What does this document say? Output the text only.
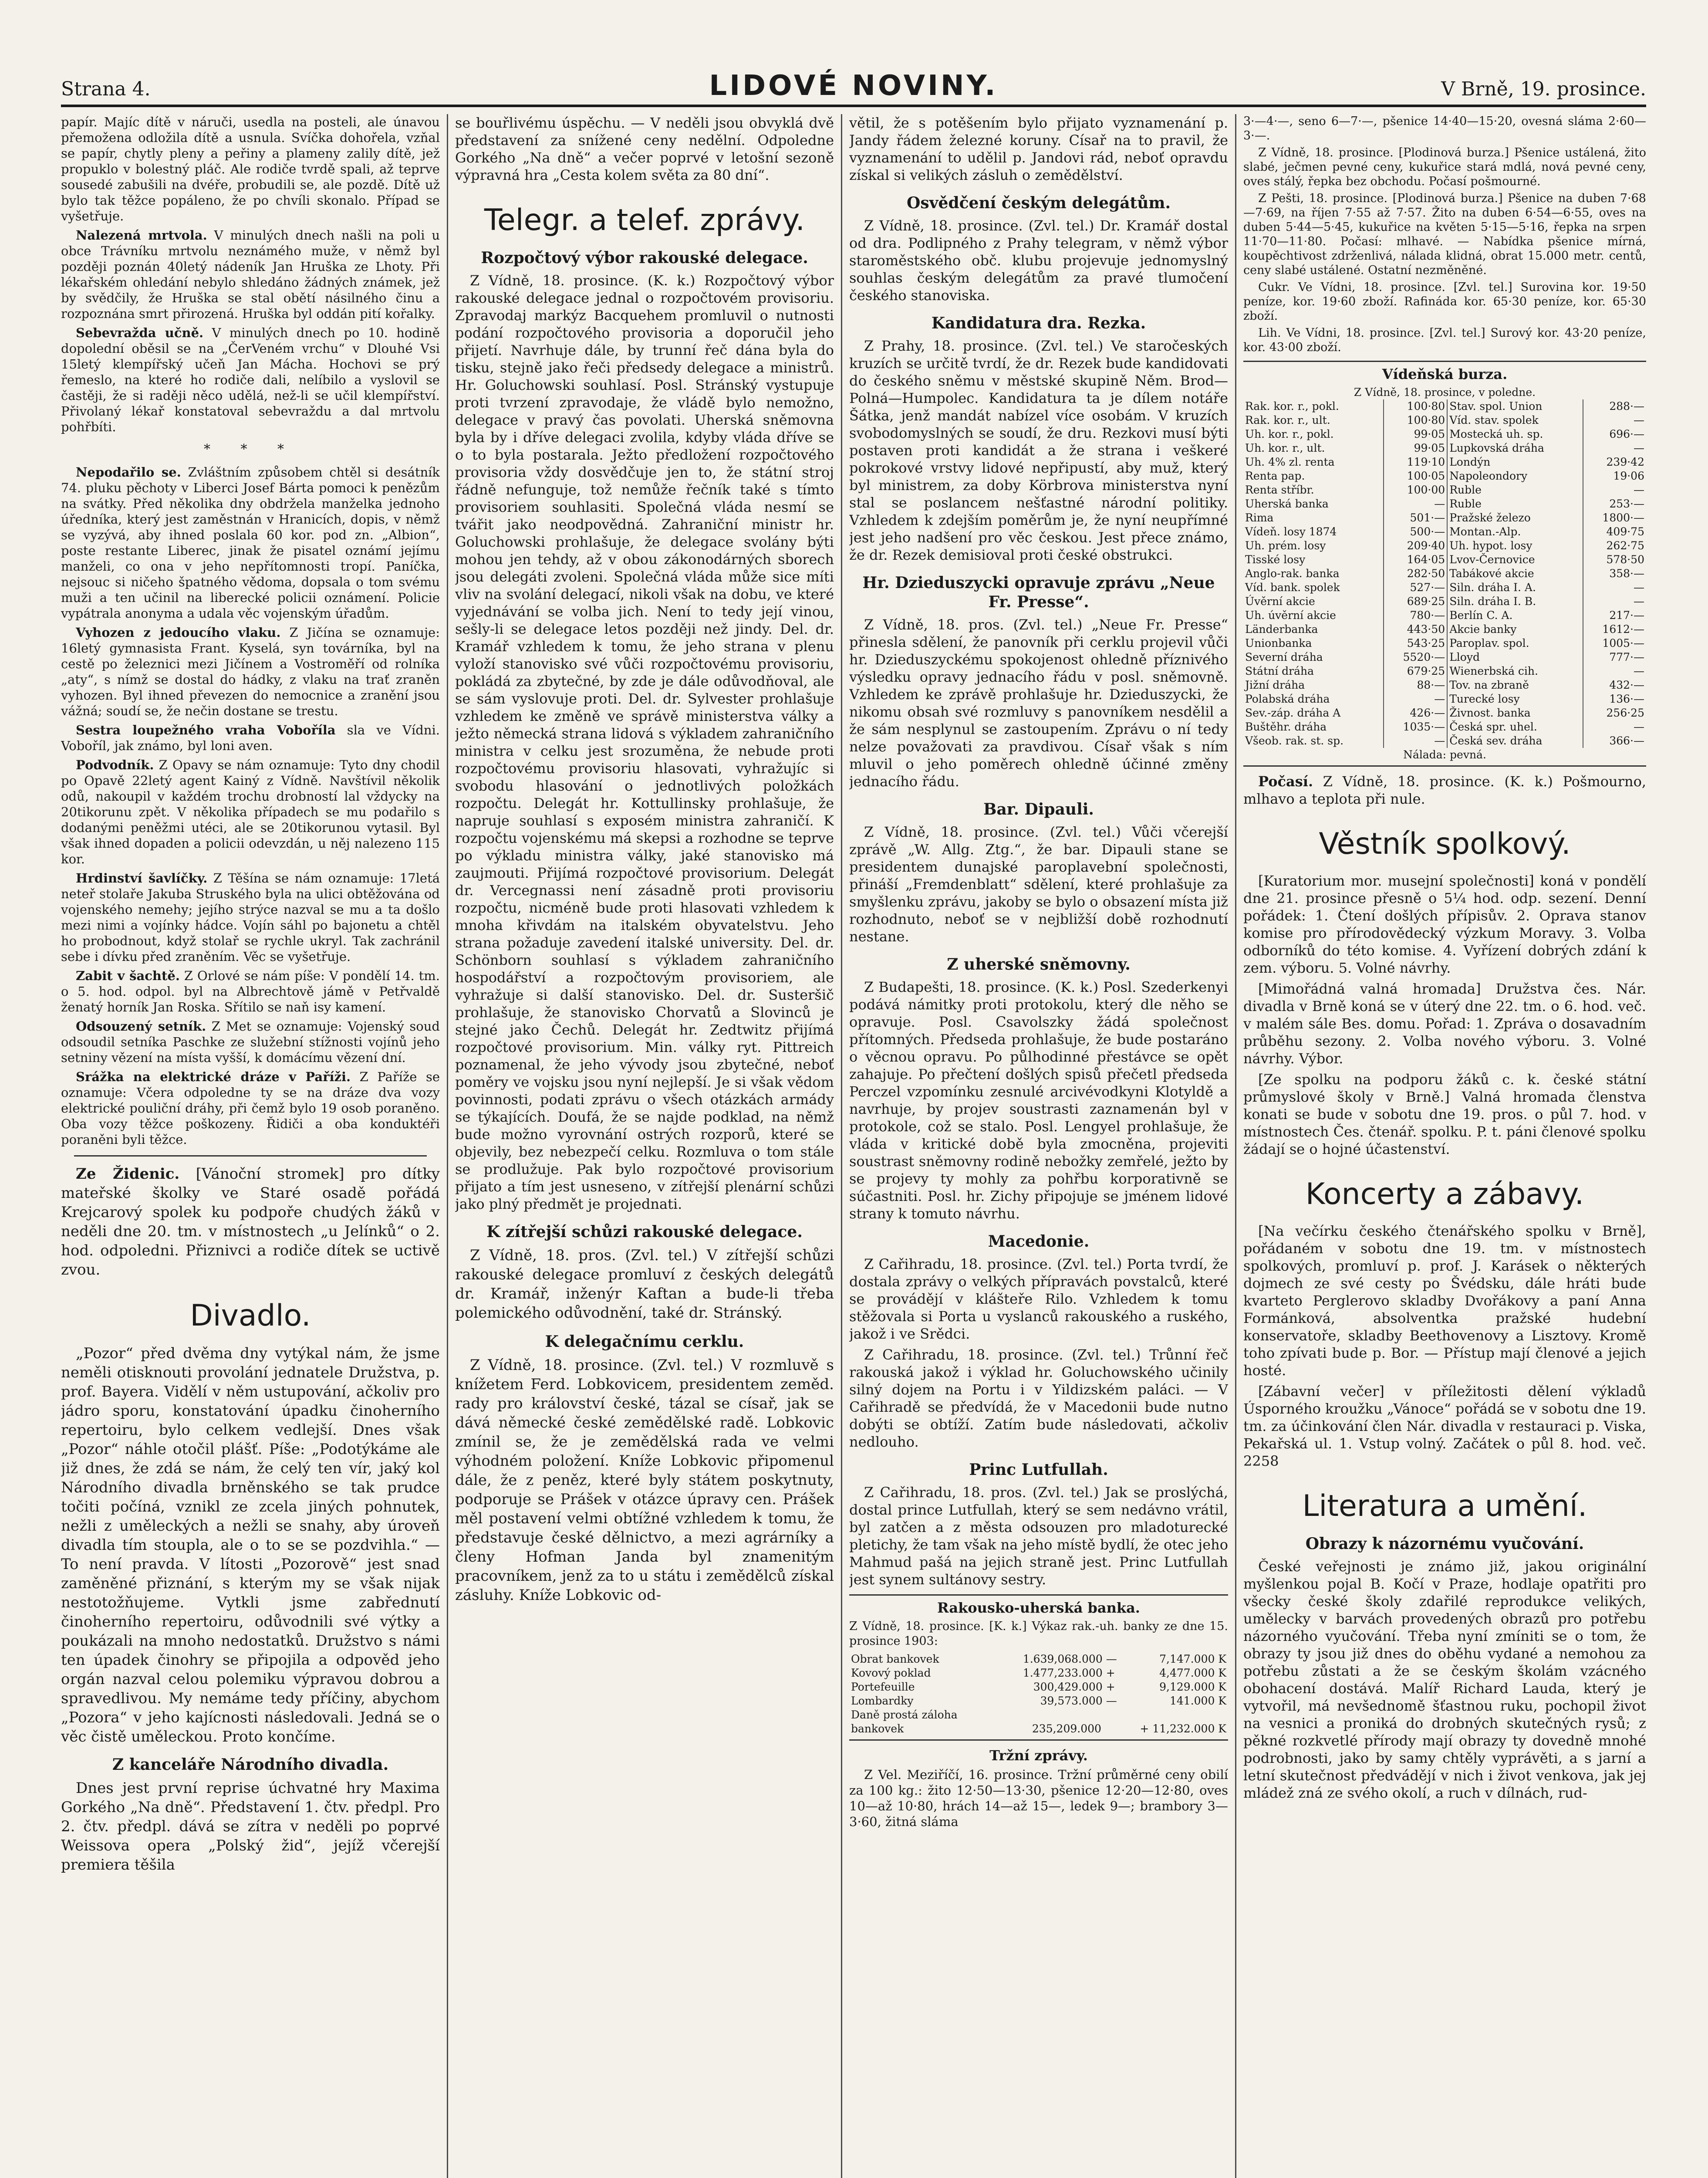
Strana 4.	LIDOVÉ NOVINY.	V Brně, 19. prosince.

papír. Majíc dítě v náruči, usedla na posteli, ale únavou přemožena odložila dítě a usnula. Svíčka dohořela, vzňal se papír, chytly pleny a peřiny a plameny zalily dítě, jež propuklo v bolestný pláč. Ale rodiče tvrdě spali, až teprve sousedé zabušili na dvéře, probudili se, ale pozdě. Dítě už bylo tak těžce popáleno, že po chvíli skonalo. Případ se vyšetřuje.

Nalezená mrtvola. V minulých dnech našli na poli u obce Trávníku mrtvolu neznámého muže, v němž byl později poznán 40letý nádeník Jan Hruška ze Lhoty. Při lékařském ohledání nebylo shledáno žádných známek, jež by svědčily, že Hruška se stal obětí násilného činu a rozpoznána smrt přirozená. Hruška byl oddán pití kořalky.

Sebevražda učně. V minulých dnech po 10. hodině dopolední oběsil se na „ČerVeném vrchu“ v Dlouhé Vsi 15letý klempířský učeň Jan Mácha. Hochovi se prý řemeslo, na které ho rodiče dali, nelíbilo a vyslovil se častěji, že si raději něco udělá, než-li se učil klempířství. Přivolaný lékař konstatoval sebevraždu a dal mrtvolu pohřbíti.

* * *

Nepodařilo se. Zvláštním způsobem chtěl si desátník 74. pluku pěchoty v Liberci Josef Bárta pomoci k penězům na svátky. Před několika dny obdržela manželka jednoho úředníka, který jest zaměstnán v Hranicích, dopis, v němž se vyzývá, aby ihned poslala 60 kor. pod zn. „Albion“, poste restante Liberec, jinak že pisatel oznámí jejímu manželi, co ona v jeho nepřítomnosti tropí. Paníčka, nejsouc si ničeho špatného vědoma, dopsala o tom svému muži a ten učinil na liberecké policii oznámení. Policie vypátrala anonyma a udala věc vojenským úřadům.

Vyhozen z jedoucího vlaku. Z Jičína se oznamuje: 16letý gymnasista Frant. Kyselá, syn továrníka, byl na cestě po železnici mezi Jičínem a Vostroměří od rolníka „aty“, s nímž se dostal do hádky, z vlaku na trať zraněn vyhozen. Byl ihned převezen do nemocnice a zranění jsou vážná; soudí se, že nečin dostane se trestu.

Sestra loupežného vraha Voboříla sla ve Vídni. Voboříl, jak známo, byl loni aven.

Podvodník. Z Opavy se nám oznamuje: Tyto dny chodil po Opavě 22letý agent Kainý z Vídně. Navštívil několik odů, nakoupil v každém trochu drobností lal vždycky na 20tikorunu zpět. V několika případech se mu podařilo s dodanými peněžmi utéci, ale se 20tikorunou vytasil. Byl však ihned dopaden a policii odevzdán, u něj nalezeno 115 kor.

Hrdinství šavlíčky. Z Těšína se nám oznamuje: 17letá neteř stolaře Jakuba Struského byla na ulici obtěžována od vojenského nemehy; jejího strýce nazval se mu a ta došlo mezi nimi a vojínky hádce. Vojín sáhl po bajonetu a chtěl ho probodnout, když stolař se rychle ukryl. Tak zachránil sebe i dívku před zraněním. Věc se vyšetřuje.

Zabit v šachtě. Z Orlové se nám píše: V pondělí 14. tm. o 5. hod. odpol. byl na Albrechtově jámě v Petřvaldě ženatý horník Jan Roska. Sřítilo se naň isy kamení.

Odsouzený setník. Z Met se oznamuje: Vojenský soud odsoudil setníka Paschke ze služební stížnosti vojínů jeho setniny vězení na místa vyšší, k domácímu vězení dní.

Srážka na elektrické dráze v Paříži. Z Paříže se oznamuje: Včera odpoledne ty se na dráze dva vozy elektrické pouliční dráhy, při čemž bylo 19 osob poraněno. Oba vozy těžce poškozeny. Řidiči a oba konduktéři poraněni byli těžce.

Ze Židenic. [Vánoční stromek] pro dítky mateřské školky ve Staré osadě pořádá Krejcarový spolek ku podpoře chudých žáků v neděli dne 20. tm. v místnostech „u Jelínků“ o 2. hod. odpoledni. Přiznivci a rodiče dítek se uctivě zvou.

Divadlo.

„Pozor“ před dvěma dny vytýkal nám, že jsme neměli otisknouti provolání jednatele Družstva, p. prof. Bayera. Vidělí v něm ustupování, ačkoliv pro jádro sporu, konstatování úpadku činoherního repertoiru, bylo celkem vedlejší. Dnes však „Pozor“ náhle otočil plášť. Píše: „Podotýkáme ale již dnes, že zdá se nám, že celý ten vír, jaký kol Národního divadla brněnského se tak prudce točiti počíná, vznikl ze zcela jiných pohnutek, nežli z uměleckých a nežli se snahy, aby úroveň divadla tím stoupla, ale o to se se pozdvihla.“ — To není pravda. V lítosti „Pozorově“ jest snad zaměněné přiznání, s kterým my se však nijak nestotožňujeme. Vytkli jsme zabřednutí činoherního repertoiru, odůvodnili své výtky a poukázali na mnoho nedostatků. Družstvo s námi ten úpadek činohry se připojila a odpověd jeho orgán nazval celou polemiku výpravou dobrou a spravedlivou. My nemáme tedy příčiny, abychom „Pozora“ v jeho kajícnosti následovali. Jedná se o věc čistě uměleckou. Proto končíme.

Z kanceláře Národního divadla.

Dnes jest první reprise úchvatné hry Maxima Gorkého „Na dně“. Představení 1. čtv. předpl. Pro 2. čtv. předpl. dává se zítra v neděli po poprvé Weissova opera „Polský žid“, jejíž včerejší premiera těšila

se bouřlivému úspěchu. — V neděli jsou obvyklá dvě představení za snížené ceny nedělní. Odpoledne Gorkého „Na dně“ a večer poprvé v letošní sezoně výpravná hra „Cesta kolem světa za 80 dní“.

Telegr. a telef. zprávy.
Rozpočtový výbor rakouské delegace.

Z Vídně, 18. prosince. (K. k.) Rozpočtový výbor rakouské delegace jednal o rozpočtovém provisoriu. Zpravodaj markýz Bacquehem promluvil o nutnosti podání rozpočtového provisoria a doporučil jeho přijetí. Navrhuje dále, by trunní řeč dána byla do tisku, stejně jako řeči předsedy delegace a ministrů. Hr. Goluchowski souhlasí. Posl. Stránský vystupuje proti tvrzení zpravodaje, že vládě bylo nemožno, delegace v pravý čas povolati. Uherská sněmovna byla by i dříve delegaci zvolila, kdyby vláda dříve se o to byla postarala. Ježto předložení rozpočtového provisoria vždy dosvědčuje jen to, že státní stroj řádně nefunguje, tož nemůže řečník také s tímto provisoriem souhlasiti. Společná vláda nesmí se tvářit jako neodpovědná. Zahraniční ministr hr. Goluchowski prohlašuje, že delegace svolány býti mohou jen tehdy, až v obou zákonodárných sborech jsou delegáti zvoleni. Společná vláda může sice míti vliv na svolání delegací, nikoli však na dobu, ve které vyjednávání se volba jich. Není to tedy její vinou, sešly-li se delegace letos později než jindy. Del. dr. Kramář vzhledem k tomu, že jeho strana v plenu vyloží stanovisko své vůči rozpočtovému provisoriu, pokládá za zbytečné, by zde je dále odůvodňoval, ale se sám vyslovuje proti. Del. dr. Sylvester prohlašuje vzhledem ke změně ve správě ministerstva války a ježto německá strana lidová s výkladem zahraničního ministra v celku jest srozuměna, že nebude proti rozpočtovému provisoriu hlasovati, vyhražujíc si svobodu hlasování o jednotlivých položkách rozpočtu. Delegát hr. Kottullinsky prohlašuje, že napruje souhlasí s exposém ministra zahraničí. K rozpočtu vojenskému má skepsi a rozhodne se teprve po výkladu ministra války, jaké stanovisko má zaujmouti. Přijímá rozpočtové provisorium. Delegát dr. Vercegnassi není zásadně proti provisoriu rozpočtu, nicméně bude proti hlasovati vzhledem k mnoha křivdám na italském obyvatelstvu. Jeho strana požaduje zavedení italské university. Del. dr. Schönborn souhlasí s výkladem zahraničního hospodářství a rozpočtovým provisoriem, ale vyhražuje si další stanovisko. Del. dr. Susteršič prohlašuje, že stanovisko Chorvatů a Slovinců je stejné jako Čechů. Delegát hr. Zedtwitz přijímá rozpočtové provisorium. Min. války ryt. Pittreich poznamenal, že jeho vývody jsou zbytečné, neboť poměry ve vojsku jsou nyní nejlepší. Je si však vědom povinnosti, podati zprávu o všech otázkách armády se týkajících. Doufá, že se najde podklad, na němž bude možno vyrovnání ostrých rozporů, které se objevily, bez nebezpečí celku. Rozmluva o tom stále se prodlužuje. Pak bylo rozpočtové provisorium přijato a tím jest usneseno, v zítřejší plenární schůzi jako plný předmět je projednati.

K zítřejší schůzi rakouské delegace.

Z Vídně, 18. pros. (Zvl. tel.) V zítřejší schůzi rakouské delegace promluví z českých delegátů dr. Kramář, inženýr Kaftan a bude-li třeba polemického odůvodnění, také dr. Stránský.

K delegačnímu cerklu.

Z Vídně, 18. prosince. (Zvl. tel.) V rozmluvě s knížetem Ferd. Lobkovicem, presidentem zeměd. rady pro království české, tázal se císař, jak se dává německé české zemědělské radě. Lobkovic zmínil se, že je zemědělská rada ve velmi výhodném položení. Kníže Lobkovic připomenul dále, že z peněz, které byly státem poskytnuty, podporuje se Prášek v otázce úpravy cen. Prášek měl postavení velmi obtížné vzhledem k tomu, že představuje české dělnictvo, a mezi agrárníky a členy Hofman Janda byl znamenitým pracovníkem, jenž za to u státu i zemědělců získal zásluhy. Kníže Lobkovic od-

větil, že s potěšením bylo přijato vyznamenání p. Jandy řádem železné koruny. Císař na to pravil, že vyznamenání to udělil p. Jandovi rád, neboť opravdu získal si velikých zásluh o zemědělství.

Osvědčení českým delegátům.

Z Vídně, 18. prosince. (Zvl. tel.) Dr. Kramář dostal od dra. Podlipného z Prahy telegram, v němž výbor staroměstského obč. klubu projevuje jednomyslný souhlas českým delegátům za pravé tlumočení českého stanoviska.

Kandidatura dra. Rezka.

Z Prahy, 18. prosince. (Zvl. tel.) Ve staročeských kruzích se určitě tvrdí, že dr. Rezek bude kandidovati do českého sněmu v městské skupině Něm. Brod—Polná—Humpolec. Kandidatura ta je dílem notáře Šátka, jenž mandát nabízel více osobám. V kruzích svobodomyslných se soudí, že dru. Rezkovi musí býti postaven proti kandidát a že strana i veškeré pokrokové vrstvy lidové nepřipustí, aby muž, který byl ministrem, za doby Körbrova ministerstva nyní stal se poslancem nešťastné národní politiky. Vzhledem k zdejším poměrům je, že nyní neupřímné jest jeho nadšení pro věc českou. Jest přece známo, že dr. Rezek demisioval proti české obstrukci.

Hr. Dzieduszycki opravuje zprávu „Neue Fr. Presse“.

Z Vídně, 18. pros. (Zvl. tel.) „Neue Fr. Presse“ přinesla sdělení, že panovník při cerklu projevil vůči hr. Dzieduszyckému spokojenost ohledně příznivého výsledku opravy jednacího řádu v posl. sněmovně. Vzhledem ke zprávě prohlašuje hr. Dzieduszycki, že nikomu obsah své rozmluvy s panovníkem nesdělil a že sám nesplynul se zastoupením. Zprávu o ní tedy nelze považovati za pravdivou. Císař však s ním mluvil o jeho poměrech ohledně účinné změny jednacího řádu.

Bar. Dipauli.

Z Vídně, 18. prosince. (Zvl. tel.) Vůči včerejší zprávě „W. Allg. Ztg.“, že bar. Dipauli stane se presidentem dunajské paroplavební společnosti, přináší „Fremdenblatt“ sdělení, které prohlašuje za smyšlenku zprávu, jakoby se bylo o obsazení místa již rozhodnuto, neboť se v nejbližší době rozhodnutí nestane.

Z uherské sněmovny.

Z Budapešti, 18. prosince. (K. k.) Posl. Szederkenyi podává námitky proti protokolu, který dle něho se opravuje. Posl. Csavolszky žádá společnost přítomných. Předseda prohlašuje, že bude postaráno o věcnou opravu. Po půlhodinné přestávce se opět zahajuje. Po přečtení došlých spisů přečetl předseda Perczel vzpomínku zesnulé arcivévodkyni Klotyldě a navrhuje, by projev soustrasti zaznamenán byl v protokole, což se stalo. Posl. Lengyel prohlašuje, že vláda v kritické době byla zmocněna, projeviti soustrast sněmovny rodině nebožky zemřelé, ježto by se projevy ty mohly za pohřbu korporativně se súčastniti. Posl. hr. Zichy připojuje se jménem lidové strany k tomuto návrhu.

Macedonie.

Z Cařihradu, 18. prosince. (Zvl. tel.) Porta tvrdí, že dostala zprávy o velkých přípravách povstalců, které se provádějí v klášteře Rilo. Vzhledem k tomu stěžovala si Porta u vyslanců rakouského a ruského, jakož i ve Srědci.

Z Cařihradu, 18. prosince. (Zvl. tel.) Trůnní řeč rakouská jakož i výklad hr. Goluchowského učinily silný dojem na Portu i v Yildizském paláci. — V Cařihradě se předvídá, že v Macedonii bude nutno dobýti se obtíží. Zatím bude následovati, ačkoliv nedlouho.

Princ Lutfullah.

Z Cařihradu, 18. pros. (Zvl. tel.) Jak se proslýchá, dostal prince Lutfullah, který se sem nedávno vrátil, byl zatčen a z města odsouzen pro mladoturecké pletichy, že tam však na jeho místě bydlí, že otec jeho Mahmud pašá na jejich straně jest. Princ Lutfullah jest synem sultánovy sestry.

Rakousko-uherská banka.

Z Vídně, 18. prosince. [K. k.] Výkaz rak.-uh. banky ze dne 15. prosince 1903:

Obrat bankovek	1.639,068.000	—	7,147.000 K
Kovový poklad	1.477,233.000	+	4,477.000 K
Portefeuille	300,429.000	+	9,129.000 K
Lombardky	39,573.000	—	141.000 K
Daně prostá záloha
bankovek	235,209.000	+ 11,232.000 K
Tržní zprávy.

Z Vel. Meziříčí, 16. prosince. Tržní průměrné ceny obilí za 100 kg.: žito 12·50—13·30, pšenice 12·20—12·80, oves 10—až 10·80, hrách 14—až 15—, ledek 9—; brambory 3—3·60, žitná sláma

3·—4·—, seno 6—7·—, pšenice 14·40—15·20, ovesná sláma 2·60—3·—.

Z Vídně, 18. prosince. [Plodinová burza.] Pšenice ustálená, žito slabé, ječmen pevné ceny, kukuřice stará mdlá, nová pevné ceny, oves stálý, řepka bez obchodu. Počasí pošmourné.

Z Pešti, 18. prosince. [Plodinová burza.] Pšenice na duben 7·68—7·69, na říjen 7·55 až 7·57. Žito na duben 6·54—6·55, oves na duben 5·44—5·45, kukuřice na květen 5·15—5·16, řepka na srpen 11·70—11·80. Počasí: mlhavé. — Nabídka pšenice mírná, koupěchtivost zdrženlivá, nálada klidná, obrat 15.000 metr. centů, ceny slabé ustálené. Ostatní nezměněné.

Cukr. Ve Vídni, 18. prosince. [Zvl. tel.] Surovina kor. 19·50 peníze, kor. 19·60 zboží. Rafináda kor. 65·30 peníze, kor. 65·30 zboží.

Lih. Ve Vídni, 18. prosince. [Zvl. tel.] Surový kor. 43·20 peníze, kor. 43·00 zboží.

Vídeňská burza.
Z Vídně, 18. prosince, v poledne.
Rak. kor. r., pokl.	100·80	Stav. spol. Union	288·—
Rak. kor. r., ult.	100·80	Víd. stav. spolek	—
Uh. kor. r., pokl.	99·05	Mostecká uh. sp.	696·—
Uh. kor. r., ult.	99·05	Lupkovská dráha	—
Uh. 4% zl. renta	119·10	Londýn	239·42
Renta pap.	100·05	Napoleondory	19·06
Renta stříbr.	100·00	Ruble	—
Uherská banka	—	Ruble	253·—
Rima	501·—	Pražské železo	1800·—
Vídeň. losy 1874	500·—	Montan.-Alp.	409·75
Uh. prém. losy	209·40	Uh. hypot. losy	262·75
Tisské losy	164·05	Lvov-Černovice	578·50
Anglo-rak. banka	282·50	Tabákové akcie	358·—
Víd. bank. spolek	527·—	Siln. dráha I. A.	—
Úvěrní akcie	689·25	Siln. dráha I. B.	—
Uh. úvěrní akcie	780·—	Berlín C. A.	217·—
Länderbanka	443·50	Akcie banky	1612·—
Unionbanka	543·25	Paroplav. spol.	1005·—
Severní dráha	5520·—	Lloyd	777·—
Státní dráha	679·25	Wienerbská cih.	—
Jižní dráha	88·—	Tov. na zbraně	432·—
Polabská dráha	—	Turecké losy	136·—
Sev.-záp. dráha A	426·—	Živnost. banka	256·25
Buštěhr. dráha	1035·—	Česká spr. uhel.	—
Všeob. rak. st. sp.	—	Česká sev. dráha	366·—
Nálada: pevná.

Počasí. Z Vídně, 18. prosince. (K. k.) Pošmourno, mlhavo a teplota při nule.

Věstník spolkový.

[Kuratorium mor. musejní společnosti] koná v pondělí dne 21. prosince přesně o 5¼ hod. odp. sezení. Denní pořádek: 1. Čtení došlých přípisův. 2. Oprava stanov komise pro přírodovědecký výzkum Moravy. 3. Volba odborníků do této komise. 4. Vyřízení dobrých zdání k zem. výboru. 5. Volné návrhy.

[Mimořádná valná hromada] Družstva čes. Nár. divadla v Brně koná se v úterý dne 22. tm. o 6. hod. več. v malém sále Bes. domu. Pořad: 1. Zpráva o dosavadním průběhu sezony. 2. Volba nového výboru. 3. Volné návrhy. Výbor.

[Ze spolku na podporu žáků c. k. české státní průmyslové školy v Brně.] Valná hromada členstva konati se bude v sobotu dne 19. pros. o půl 7. hod. v místnostech Čes. čtenář. spolku. P. t. páni členové spolku žádají se o hojné účastenství.

Koncerty a zábavy.

[Na večírku českého čtenářského spolku v Brně], pořádaném v sobotu dne 19. tm. v místnostech spolkových, promluví p. prof. J. Karásek o některých dojmech ze své cesty po Švédsku, dále hráti bude kvarteto Perglerovo skladby Dvořákovy a paní Anna Formánková, absolventka pražské hudební konservatoře, skladby Beethovenovy a Lisztovy. Kromě toho zpívati bude p. Bor. — Přístup mají členové a jejich hosté.

[Zábavní večer] v příležitosti dělení výkladů Úsporného kroužku „Vánoce“ pořádá se v sobotu dne 19. tm. za účinkování člen Nár. divadla v restauraci p. Viska, Pekařská ul. 1. Vstup volný. Začátek o půl 8. hod. več. 2258

Literatura a umění.
Obrazy k názornému vyučování.

České veřejnosti je známo již, jakou originální myšlenkou pojal B. Kočí v Praze, hodlaje opatřiti pro všecky české školy zdařilé reprodukce velikých, umělecky v barvách provedených obrazů pro potřebu názorného vyučování. Třeba nyní zmíniti se o tom, že obrazy ty jsou již dnes do oběhu vydané a nemohou za potřebu zůstati a že se českým školám vzácného obohacení dostává. Malíř Richard Lauda, který je vytvořil, má nevšednomě šťastnou ruku, pochopil život na vesnici a proniká do drobných skutečných rysů; z pěkné rozkvetlé přírody mají obrazy ty dovedně mnohé podrobnosti, jako by samy chtěly vyprávěti, a s jarní a letní skutečnost předvádějí v nich i život venkova, jak jej mládež zná ze svého okolí, a ruch v dílnách, rud-
